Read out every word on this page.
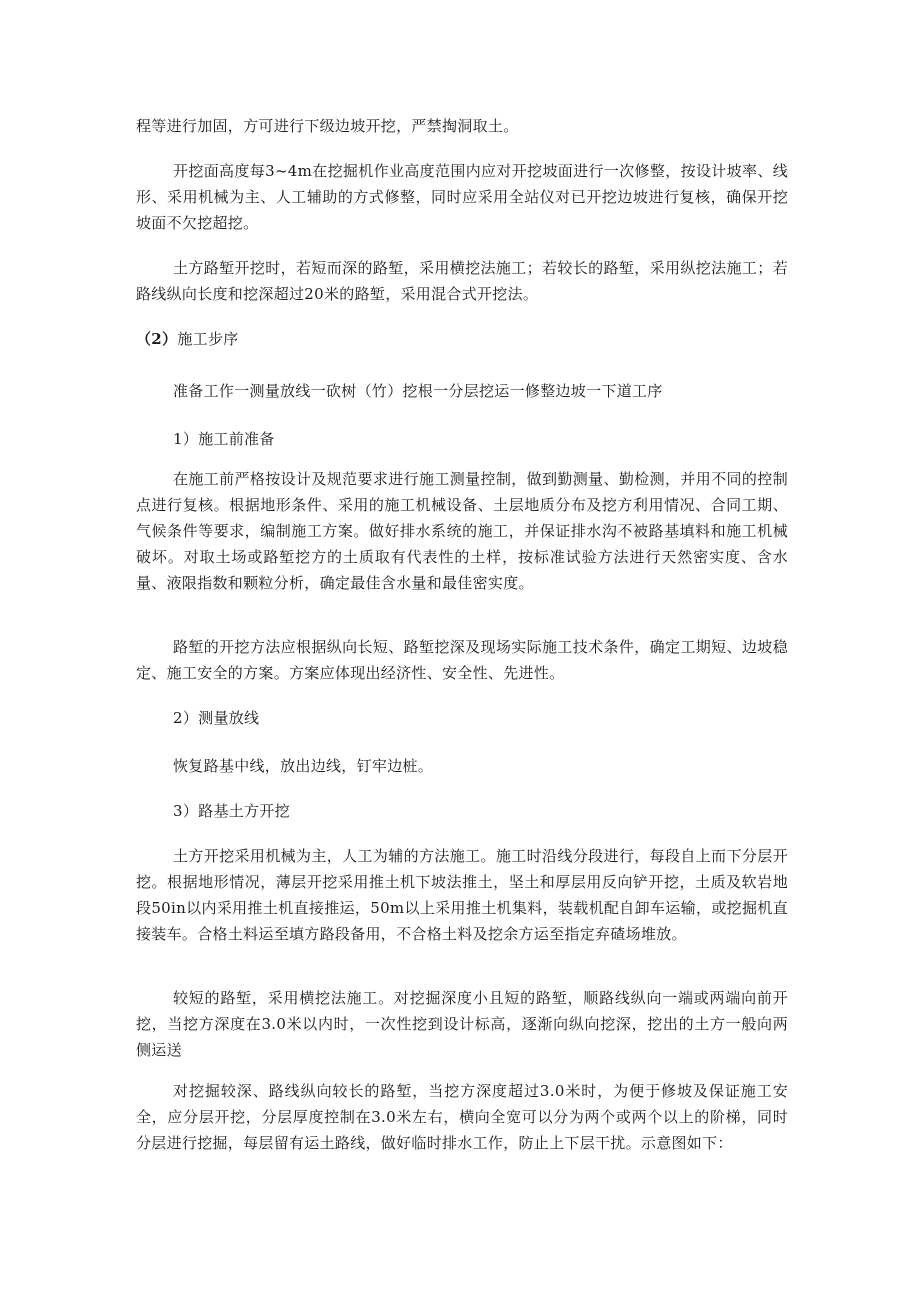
程等进行加固，方可进行下级边坡开挖，严禁掏洞取土。

开挖面高度每3~4m在挖掘机作业高度范围内应对开挖坡面进行一次修整，按设计坡率、线形、采用机械为主、人工辅助的方式修整，同时应采用全站仪对已开挖边坡进行复核，确保开挖坡面不欠挖超挖。

土方路堑开挖时，若短而深的路堑，采用横挖法施工；若较长的路堑，采用纵挖法施工；若路线纵向长度和挖深超过20米的路堑，采用混合式开挖法。

（2）施工步序

准备工作一测量放线一砍树（竹）挖根一分层挖运一修整边坡一下道工序

1）施工前准备

在施工前严格按设计及规范要求进行施工测量控制，做到勤测量、勤检测，并用不同的控制点进行复核。根据地形条件、采用的施工机械设备、土层地质分布及挖方利用情况、合同工期、气候条件等要求，编制施工方案。做好排水系统的施工，并保证排水沟不被路基填料和施工机械破坏。对取土场或路堑挖方的土质取有代表性的土样，按标准试验方法进行天然密实度、含水量、液限指数和颗粒分析，确定最佳含水量和最佳密实度。

路堑的开挖方法应根据纵向长短、路堑挖深及现场实际施工技术条件，确定工期短、边坡稳定、施工安全的方案。方案应体现出经济性、安全性、先进性。

2）测量放线

恢复路基中线，放出边线，钉牢边桩。

3）路基土方开挖

土方开挖采用机械为主，人工为辅的方法施工。施工时沿线分段进行，每段自上而下分层开挖。根据地形情况，薄层开挖采用推土机下坡法推土，坚土和厚层用反向铲开挖，土质及软岩地段50in以内采用推土机直接推运，50m以上采用推土机集料，装载机配自卸车运输，或挖掘机直接装车。合格土料运至填方路段备用，不合格土料及挖余方运至指定弃碴场堆放。

较短的路堑，采用横挖法施工。对挖掘深度小且短的路堑，顺路线纵向一端或两端向前开挖，当挖方深度在3.0米以内时，一次性挖到设计标高，逐渐向纵向挖深，挖出的土方一般向两侧运送

对挖掘较深、路线纵向较长的路堑，当挖方深度超过3.0米时，为便于修坡及保证施工安全，应分层开挖，分层厚度控制在3.0米左右，横向全宽可以分为两个或两个以上的阶梯，同时分层进行挖掘，每层留有运土路线，做好临时排水工作，防止上下层干扰。示意图如下：
